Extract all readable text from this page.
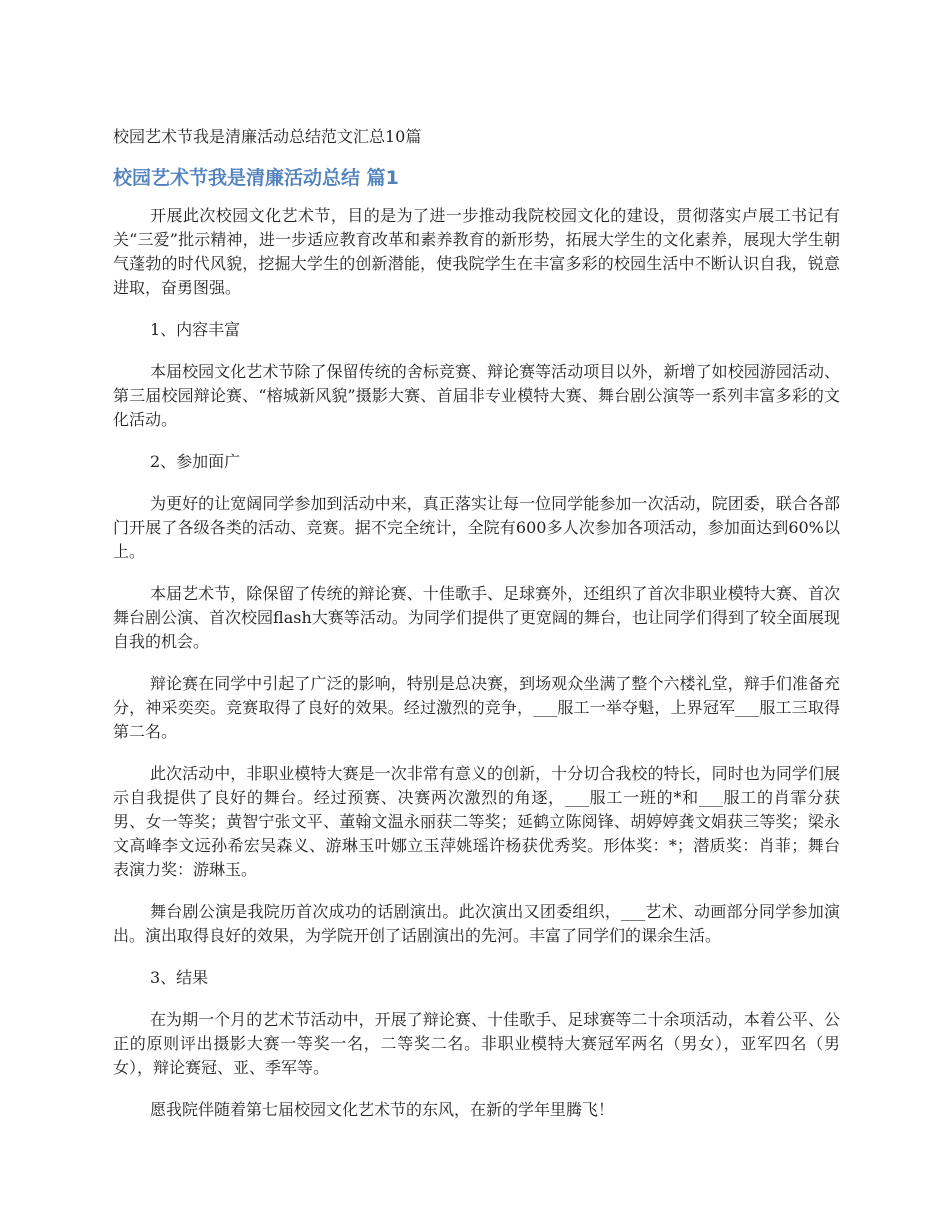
校园艺术节我是清廉活动总结范文汇总10篇
校园艺术节我是清廉活动总结 篇1

开展此次校园文化艺术节，目的是为了进一步推动我院校园文化的建设，贯彻落实卢展工书记有关“三爱”批示精神，进一步适应教育改革和素养教育的新形势，拓展大学生的文化素养，展现大学生朝气蓬勃的时代风貌，挖掘大学生的创新潜能，使我院学生在丰富多彩的校园生活中不断认识自我，锐意进取，奋勇图强。

1、内容丰富

本届校园文化艺术节除了保留传统的舍标竞赛、辩论赛等活动项目以外，新增了如校园游园活动、第三届校园辩论赛、“榕城新风貌”摄影大赛、首届非专业模特大赛、舞台剧公演等一系列丰富多彩的文化活动。

2、参加面广

为更好的让宽阔同学参加到活动中来，真正落实让每一位同学能参加一次活动，院团委，联合各部门开展了各级各类的活动、竞赛。据不完全统计，全院有600多人次参加各项活动，参加面达到60%以上。

本届艺术节，除保留了传统的辩论赛、十佳歌手、足球赛外，还组织了首次非职业模特大赛、首次舞台剧公演、首次校园flash大赛等活动。为同学们提供了更宽阔的舞台，也让同学们得到了较全面展现自我的机会。

辩论赛在同学中引起了广泛的影响，特别是总决赛，到场观众坐满了整个六楼礼堂，辩手们准备充分，神采奕奕。竞赛取得了良好的效果。经过激烈的竞争，___服工一举夺魁，上界冠军___服工三取得第二名。

此次活动中，非职业模特大赛是一次非常有意义的创新，十分切合我校的特长，同时也为同学们展示自我提供了良好的舞台。经过预赛、决赛两次激烈的角逐，___服工一班的*和___服工的肖霏分获男、女一等奖；黄智宁张文平、董翰文温永丽获二等奖；延鹤立陈阅锋、胡婷婷龚文娟获三等奖；梁永文高峰李文远孙希宏吴森义、游琳玉叶娜立玉萍姚瑶许杨获优秀奖。形体奖：*；潜质奖：肖菲；舞台表演力奖：游琳玉。

舞台剧公演是我院历首次成功的话剧演出。此次演出又团委组织，___艺术、动画部分同学参加演出。演出取得良好的效果，为学院开创了话剧演出的先河。丰富了同学们的课余生活。

3、结果

在为期一个月的艺术节活动中，开展了辩论赛、十佳歌手、足球赛等二十余项活动，本着公平、公正的原则评出摄影大赛一等奖一名，二等奖二名。非职业模特大赛冠军两名（男女），亚军四名（男女），辩论赛冠、亚、季军等。

愿我院伴随着第七届校园文化艺术节的东风，在新的学年里腾飞！
